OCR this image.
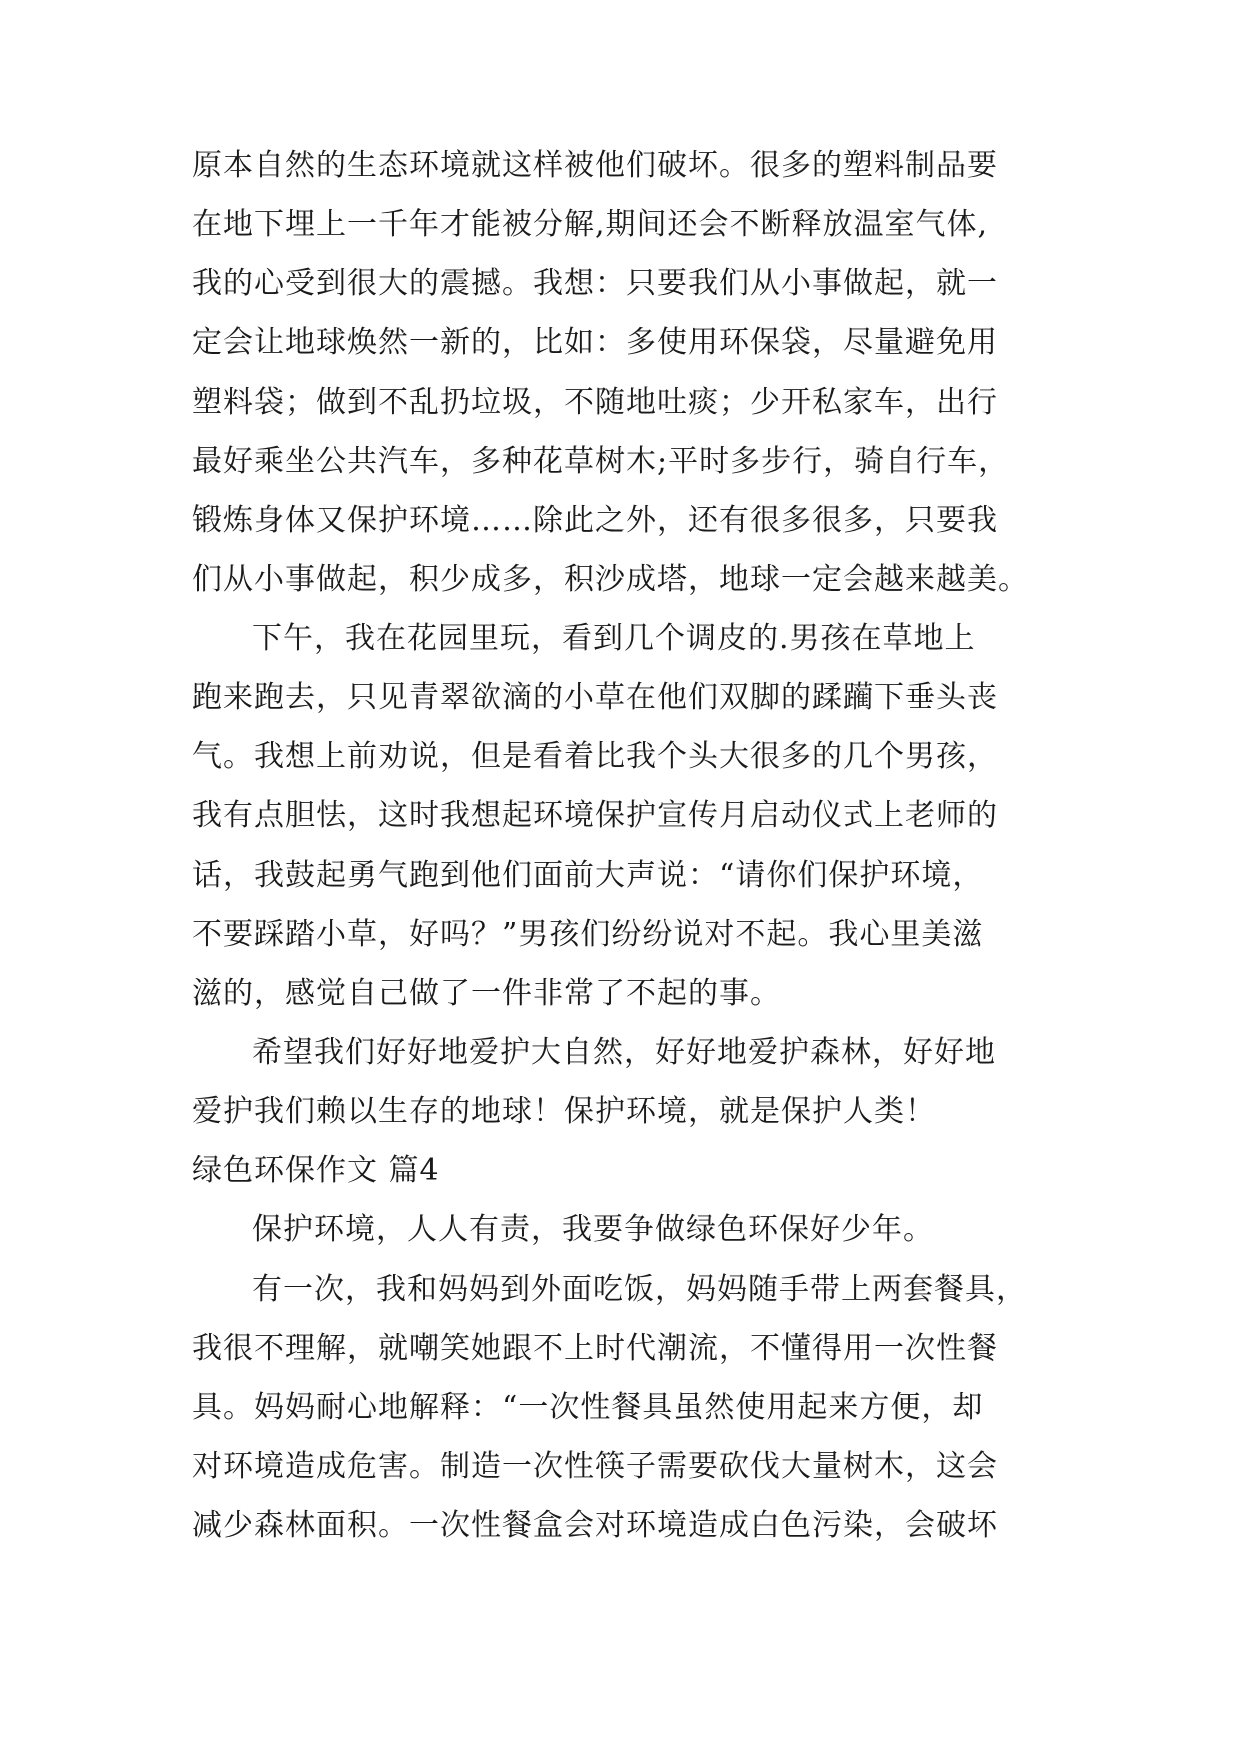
原本自然的生态环境就这样被他们破坏。很多的塑料制品要
在地下埋上一千年才能被分解,期间还会不断释放温室气体,
我的心受到很大的震撼。我想：只要我们从小事做起，就一
定会让地球焕然一新的，比如：多使用环保袋，尽量避免用
塑料袋；做到不乱扔垃圾，不随地吐痰；少开私家车，出行
最好乘坐公共汽车，多种花草树木;平时多步行，骑自行车，
锻炼身体又保护环境……除此之外，还有很多很多，只要我
们从小事做起，积少成多，积沙成塔，地球一定会越来越美。
下午，我在花园里玩，看到几个调皮的.男孩在草地上
跑来跑去，只见青翠欲滴的小草在他们双脚的蹂躏下垂头丧
气。我想上前劝说，但是看着比我个头大很多的几个男孩，
我有点胆怯，这时我想起环境保护宣传月启动仪式上老师的
话，我鼓起勇气跑到他们面前大声说：“请你们保护环境，
不要踩踏小草，好吗？”男孩们纷纷说对不起。我心里美滋
滋的，感觉自己做了一件非常了不起的事。
希望我们好好地爱护大自然，好好地爱护森林，好好地
爱护我们赖以生存的地球！保护环境，就是保护人类！
绿色环保作文 篇4
保护环境，人人有责，我要争做绿色环保好少年。
有一次，我和妈妈到外面吃饭，妈妈随手带上两套餐具，
我很不理解，就嘲笑她跟不上时代潮流，不懂得用一次性餐
具。妈妈耐心地解释：“一次性餐具虽然使用起来方便，却
对环境造成危害。制造一次性筷子需要砍伐大量树木，这会
减少森林面积。一次性餐盒会对环境造成白色污染，会破坏
